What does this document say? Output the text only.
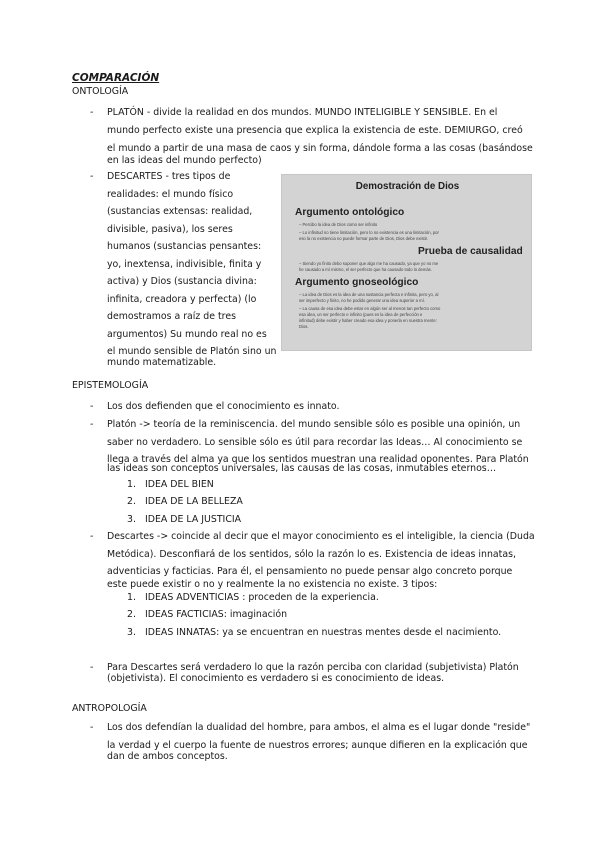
COMPARACIÓN
ONTOLOGÍA
- PLATÓN - divide la realidad en dos mundos. MUNDO INTELIGIBLE Y SENSIBLE. En el
mundo perfecto existe una presencia que explica la existencia de este. DEMIURGO, creó
el mundo a partir de una masa de caos y sin forma, dándole forma a las cosas (basándose
en las ideas del mundo perfecto)
- DESCARTES - tres tipos de
realidades: el mundo físico
(sustancias extensas: realidad,
divisible, pasiva), los seres
humanos (sustancias pensantes:
yo, inextensa, indivisible, finita y
activa) y Dios (sustancia divina:
infinita, creadora y perfecta) (lo
demostramos a raíz de tres
argumentos) Su mundo real no es
el mundo sensible de Platón sino un
mundo matematizable.
Demostración de Dios
Argumento ontológico
– Percibo la idea de Dios como ser infinito
– Lo infinitud no tiene limitación, pero lo no existencia es una limitación, por
eso la no existencia no puede formar parte de Dios, Dios debe existir.
Prueba de causalidad
– Siendo yo finito debo suponer que algo me ha causado, ya que yo no me
he causado a mí mismo, el ser perfecto que ha causado todo lo demás.
Argumento gnoseológico
– La idea de Dios es la idea de una sustancia perfecta e infinita, pero yo, al
ser imperfecto y finito, no he podido generar una idea superior a mí.
– La causa de esa idea debe estar en algún ser al menos tan perfecto como
esa idea, un ser perfecto e infinito (pues es la idea de perfección e
infinitud) debe existir y haber creado esa idea y ponerla en nuestra mente:
Dios.
EPISTEMOLOGÍA
- Los dos defienden que el conocimiento es innato.
- Platón -> teoría de la reminiscencia. del mundo sensible sólo es posible una opinión, un
saber no verdadero. Lo sensible sólo es útil para recordar las Ideas… Al conocimiento se
llega a través del alma ya que los sentidos muestran una realidad oponentes. Para Platón
las ideas son conceptos universales, las causas de las cosas, inmutables eternos…
1. IDEA DEL BIEN
2. IDEA DE LA BELLEZA
3. IDEA DE LA JUSTICIA
- Descartes -> coincide al decir que el mayor conocimiento es el inteligible, la ciencia (Duda
Metódica). Desconfiará de los sentidos, sólo la razón lo es. Existencia de ideas innatas,
adventicias y facticias. Para él, el pensamiento no puede pensar algo concreto porque
este puede existir o no y realmente la no existencia no existe. 3 tipos:
1. IDEAS ADVENTICIAS : proceden de la experiencia.
2. IDEAS FACTICIAS: imaginación
3. IDEAS INNATAS: ya se encuentran en nuestras mentes desde el nacimiento.
- Para Descartes será verdadero lo que la razón perciba con claridad (subjetivista) Platón
(objetivista). El conocimiento es verdadero si es conocimiento de ideas.
ANTROPOLOGÍA
- Los dos defendían la dualidad del hombre, para ambos, el alma es el lugar donde "reside"
la verdad y el cuerpo la fuente de nuestros errores; aunque difieren en la explicación que
dan de ambos conceptos.
